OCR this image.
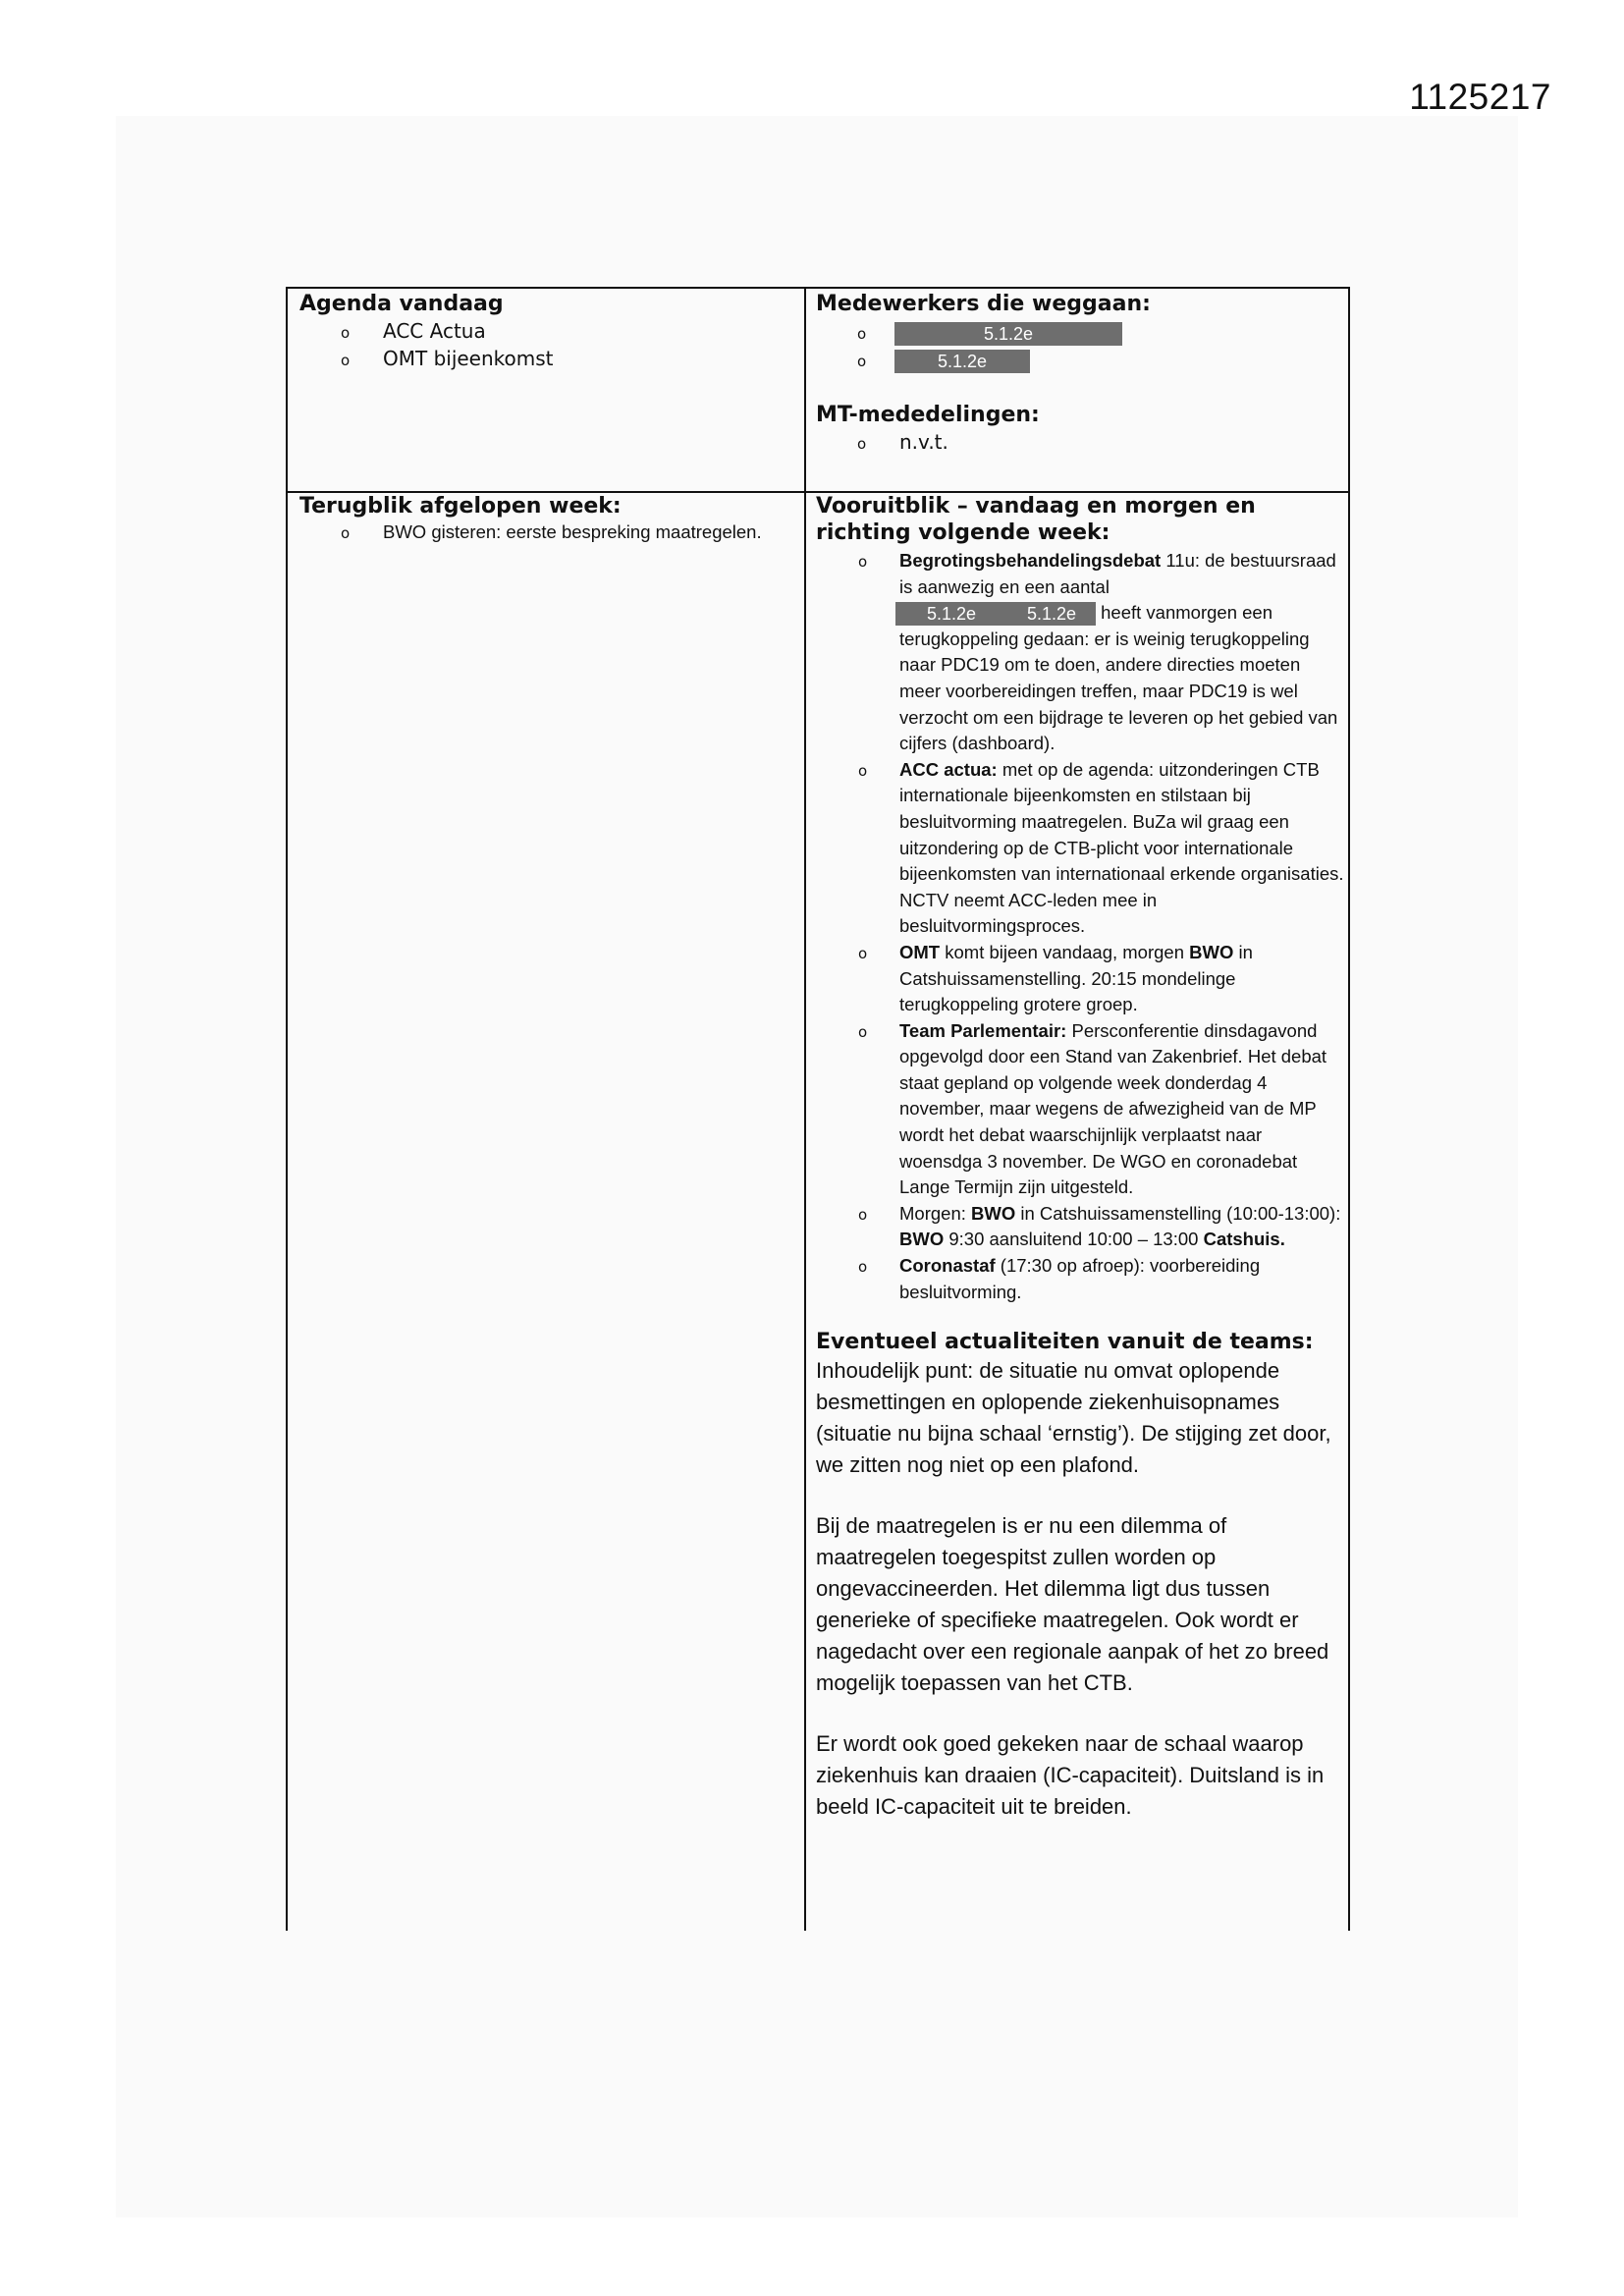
1125217
Agenda vandaag
o ACC Actua
o OMT bijeenkomst
Medewerkers die weggaan:
o	5.1.2e
o	5.1.2e
MT-mededelingen:
o n.v.t.
Terugblik afgelopen week:
o BWO gisteren: eerste bespreking maatregelen.
Vooruitblik – vandaag en morgen en
richting volgende week:
o Begrotingsbehandelingsdebat 11u: de bestuursraad is aanwezig en een aantal
5.1.2e	5.1.2e heeft vanmorgen een terugkoppeling gedaan: er is weinig terugkoppeling naar PDC19 om te doen, andere directies moeten meer voorbereidingen treffen, maar PDC19 is wel verzocht om een bijdrage te leveren op het gebied van cijfers (dashboard).
o ACC actua: met op de agenda: uitzonderingen CTB internationale bijeenkomsten en stilstaan bij besluitvorming maatregelen. BuZa wil graag een uitzondering op de CTB-plicht voor internationale bijeenkomsten van internationaal erkende organisaties. NCTV neemt ACC-leden mee in besluitvormingsproces.
o OMT komt bijeen vandaag, morgen BWO in Catshuissamenstelling. 20:15 mondelinge terugkoppeling grotere groep.
o Team Parlementair: Persconferentie dinsdagavond opgevolgd door een Stand van Zakenbrief. Het debat staat gepland op volgende week donderdag 4 november, maar wegens de afwezigheid van de MP wordt het debat waarschijnlijk verplaatst naar woensdga 3 november. De WGO en coronadebat Lange Termijn zijn uitgesteld.
o Morgen: BWO in Catshuissamenstelling (10:00-13:00): BWO 9:30 aansluitend 10:00 – 13:00 Catshuis.
o Coronastaf (17:30 op afroep): voorbereiding besluitvorming.
Eventueel actualiteiten vanuit de teams:

Inhoudelijk punt: de situatie nu omvat oplopende besmettingen en oplopende ziekenhuisopnames (situatie nu bijna schaal ‘ernstig’). De stijging zet door, we zitten nog niet op een plafond.

Bij de maatregelen is er nu een dilemma of maatregelen toegespitst zullen worden op ongevaccineerden. Het dilemma ligt dus tussen generieke of specifieke maatregelen. Ook wordt er nagedacht over een regionale aanpak of het zo breed mogelijk toepassen van het CTB.

Er wordt ook goed gekeken naar de schaal waarop ziekenhuis kan draaien (IC-capaciteit). Duitsland is in beeld IC-capaciteit uit te breiden.
